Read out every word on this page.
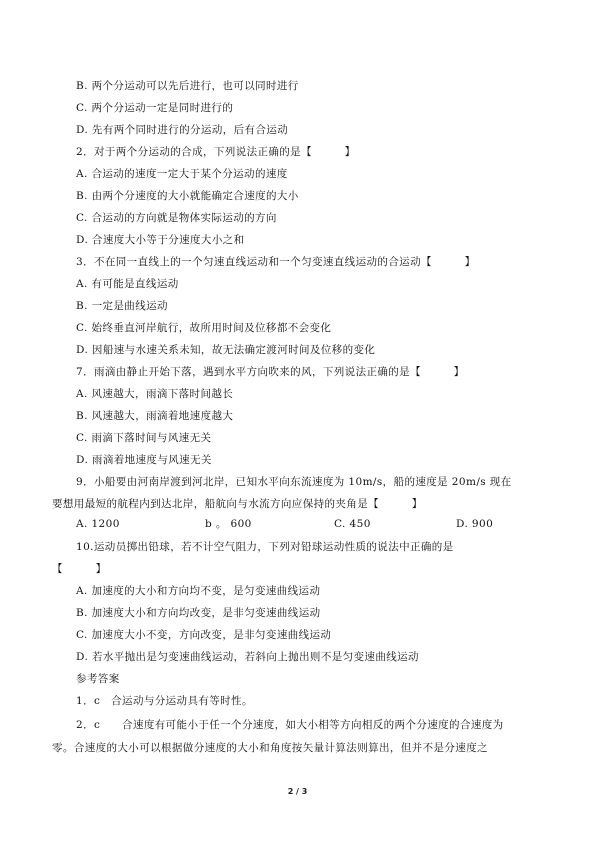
B. 两个分运动可以先后进行，也可以同时进行
C. 两个分运动一定是同时进行的
D. 先有两个同时进行的分运动，后有合运动
2．对于两个分运动的合成，下列说法正确的是【　　　】
A. 合运动的速度一定大于某个分运动的速度
B. 由两个分速度的大小就能确定合速度的大小
C. 合运动的方向就是物体实际运动的方向
D. 合速度大小等于分速度大小之和
3．不在同一直线上的一个匀速直线运动和一个匀变速直线运动的合运动【　　　】
A. 有可能是直线运动
B. 一定是曲线运动
C. 始终垂直河岸航行，故所用时间及位移都不会变化
D. 因船速与水速关系未知，故无法确定渡河时间及位移的变化
7．雨滴由静止开始下落，遇到水平方向吹来的风，下列说法正确的是【　　　】
A. 风速越大，雨滴下落时间越长
B. 风速越大，雨滴着地速度越大
C. 雨滴下落时间与风速无关
D. 雨滴着地速度与风速无关
9．小船要由河南岸渡到河北岸，已知水平向东流速度为 10m/s，船的速度是 20m/s 现在
要想用最短的航程内到达北岸，船航向与水流方向应保持的夹角是【　　　】
A. 1200	b 。 600	C. 450	D. 900
10.运动员掷出铅球，若不计空气阻力，下列对铅球运动性质的说法中正确的是
【　　　】
A. 加速度的大小和方向均不变，是匀变速曲线运动
B. 加速度大小和方向均改变，是非匀变速曲线运动
C. 加速度大小不变，方向改变，是非匀变速曲线运动
D. 若水平抛出是匀变速曲线运动，若斜向上抛出则不是匀变速曲线运动
参考答案
1．c　合运动与分运动具有等时性。
2．c　　合速度有可能小于任一个分速度，如大小相等方向相反的两个分速度的合速度为
零。合速度的大小可以根据做分速度的大小和角度按矢量计算法则算出，但并不是分速度之
2 / 3
